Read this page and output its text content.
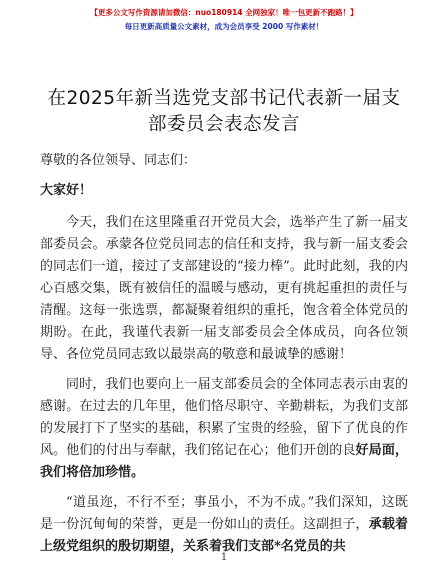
【更多公文写作资源请加微信：nuo180914 全网独家！唯一包更新不跑路！】
每日更新高质量公文素材，成为会员享受 2000 写作素材！
在2025年新当选党支部书记代表新一届支部委员会表态发言

尊敬的各位领导、同志们：

大家好！

今天，我们在这里隆重召开党员大会，选举产生了新一届支部委员会。承蒙各位党员同志的信任和支持，我与新一届支委会的同志们一道，接过了支部建设的“接力棒”。此时此刻，我的内心百感交集，既有被信任的温暖与感动，更有挑起重担的责任与清醒。这每一张选票，都凝聚着组织的重托，饱含着全体党员的期盼。在此，我谨代表新一届支部委员会全体成员，向各位领导、各位党员同志致以最崇高的敬意和最诚挚的感谢！

同时，我们也要向上一届支部委员会的全体同志表示由衷的感谢。在过去的几年里，他们恪尽职守、辛勤耕耘，为我们支部的发展打下了坚实的基础，积累了宝贵的经验，留下了优良的作风。他们的付出与奉献，我们铭记在心；他们开创的良好局面，我们将倍加珍惜。

“道虽迩，不行不至；事虽小，不为不成。”我们深知，这既是一份沉甸甸的荣誉，更是一份如山的责任。这副担子，承载着上级党组织的殷切期望，关系着我们支部*名党员的共

1
